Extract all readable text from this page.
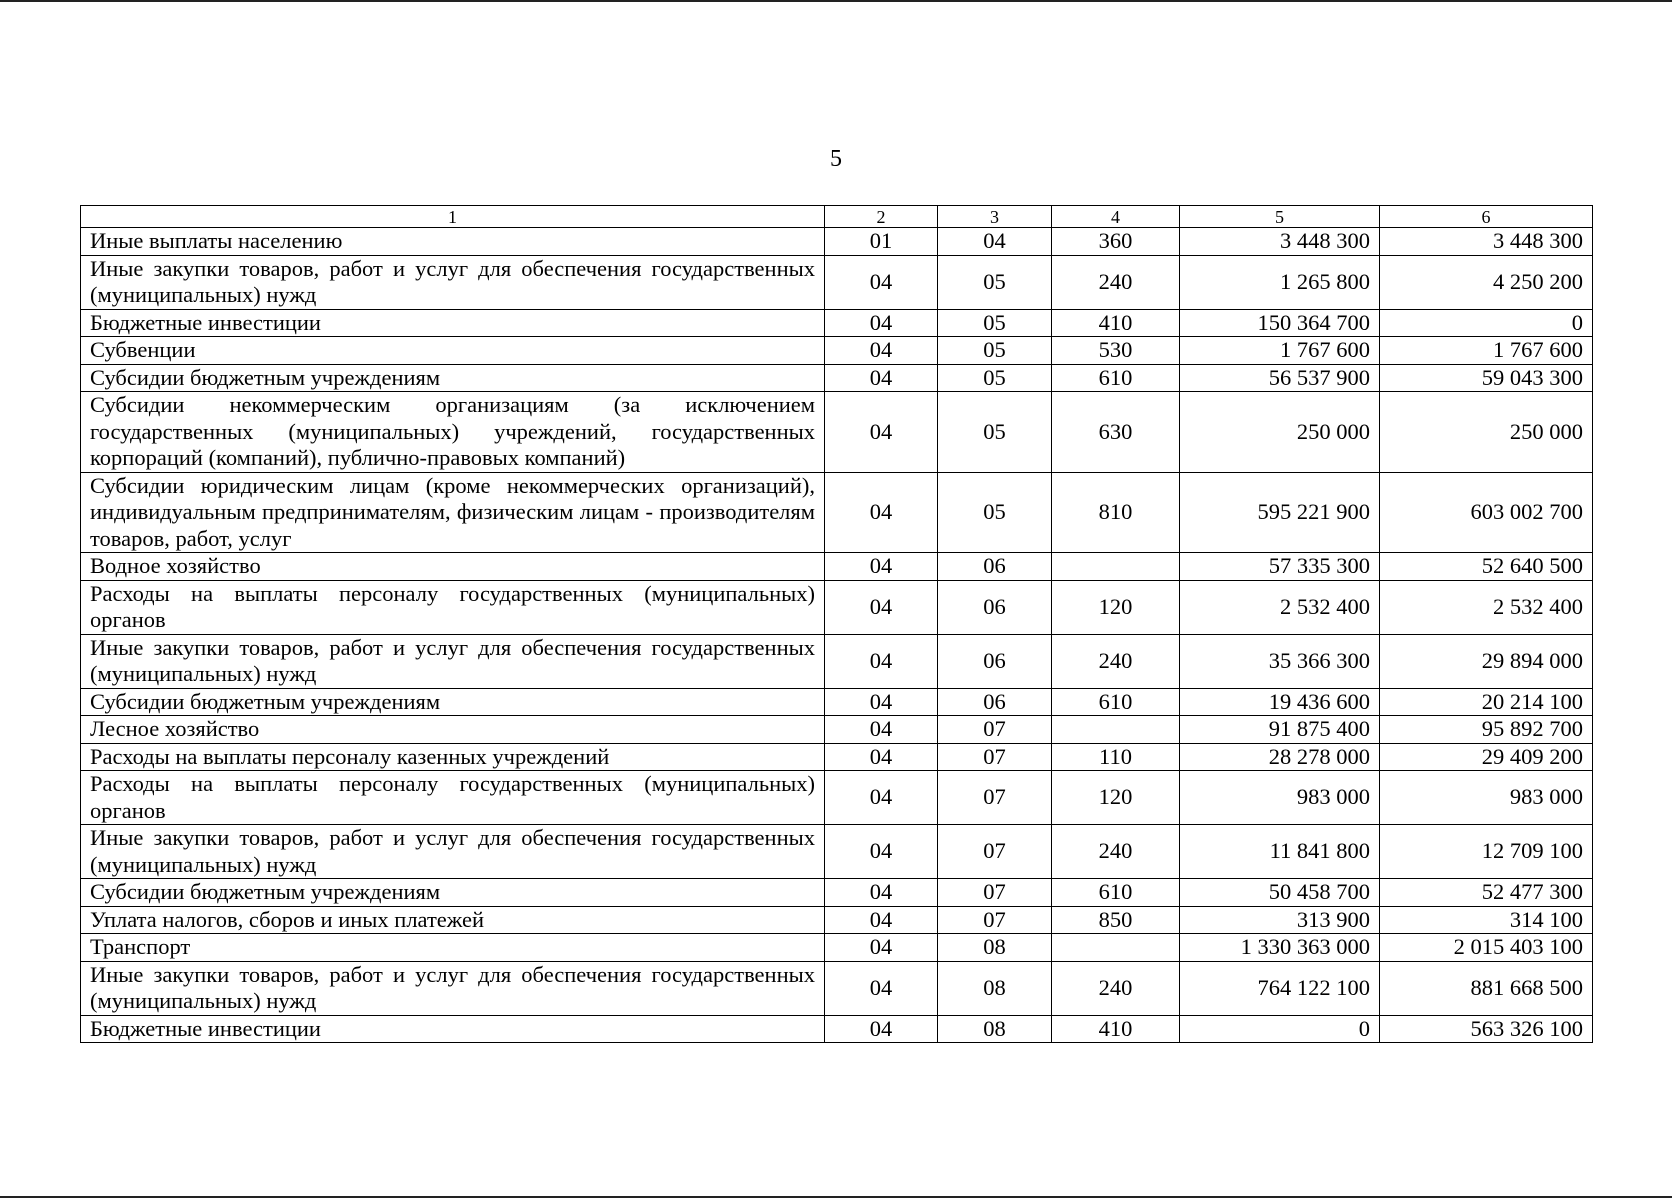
5
1	2	3	4	5	6
Иные выплаты населению	01	04	360	3 448 300	3 448 300
Иные закупки товаров, работ и услуг для обеспечения государственных (муниципальных) нужд	04	05	240	1 265 800	4 250 200
Бюджетные инвестиции	04	05	410	150 364 700	0
Субвенции	04	05	530	1 767 600	1 767 600
Субсидии бюджетным учреждениям	04	05	610	56 537 900	59 043 300
Субсидии некоммерческим организациям (за исключением государственных (муниципальных) учреждений, государственных корпораций (компаний), публично-правовых компаний)	04	05	630	250 000	250 000
Субсидии юридическим лицам (кроме некоммерческих организаций), индивидуальным предпринимателям, физическим лицам - производителям товаров, работ, услуг	04	05	810	595 221 900	603 002 700
Водное хозяйство	04	06		57 335 300	52 640 500
Расходы на выплаты персоналу государственных (муниципальных) органов	04	06	120	2 532 400	2 532 400
Иные закупки товаров, работ и услуг для обеспечения государственных (муниципальных) нужд	04	06	240	35 366 300	29 894 000
Субсидии бюджетным учреждениям	04	06	610	19 436 600	20 214 100
Лесное хозяйство	04	07		91 875 400	95 892 700
Расходы на выплаты персоналу казенных учреждений	04	07	110	28 278 000	29 409 200
Расходы на выплаты персоналу государственных (муниципальных) органов	04	07	120	983 000	983 000
Иные закупки товаров, работ и услуг для обеспечения государственных (муниципальных) нужд	04	07	240	11 841 800	12 709 100
Субсидии бюджетным учреждениям	04	07	610	50 458 700	52 477 300
Уплата налогов, сборов и иных платежей	04	07	850	313 900	314 100
Транспорт	04	08		1 330 363 000	2 015 403 100
Иные закупки товаров, работ и услуг для обеспечения государственных (муниципальных) нужд	04	08	240	764 122 100	881 668 500
Бюджетные инвестиции	04	08	410	0	563 326 100
